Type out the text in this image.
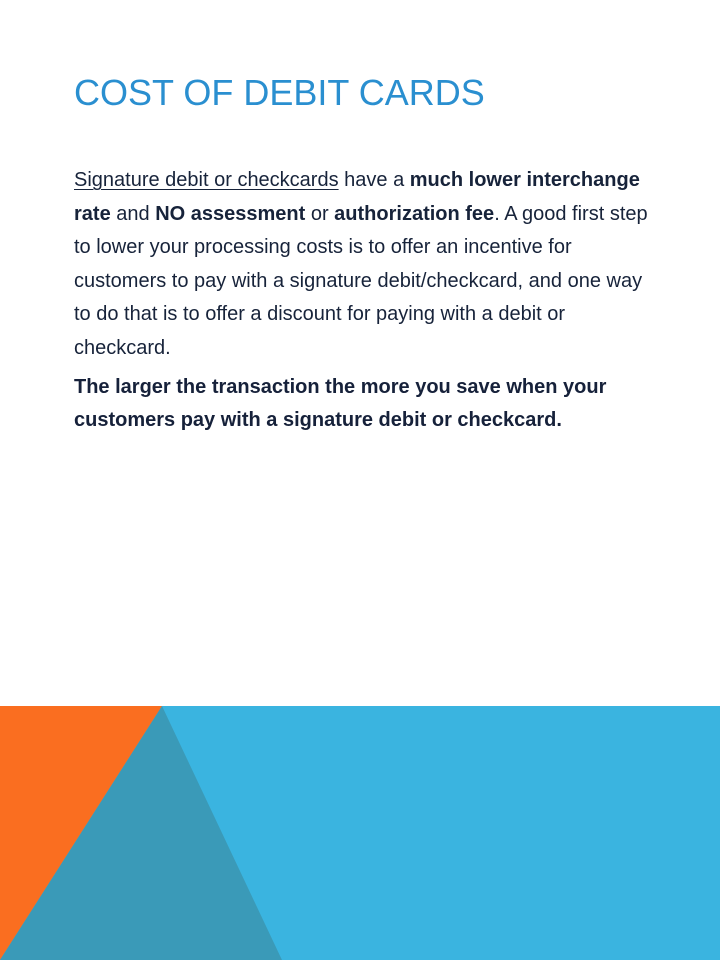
COST OF DEBIT CARDS

Signature debit or checkcards have a much lower interchange rate and NO assessment or authorization fee. A good first step to lower your processing costs is to offer an incentive for customers to pay with a signature debit/checkcard, and one way to do that is to offer a discount for paying with a debit or checkcard.

The larger the transaction the more you save when your customers pay with a signature debit or checkcard.
